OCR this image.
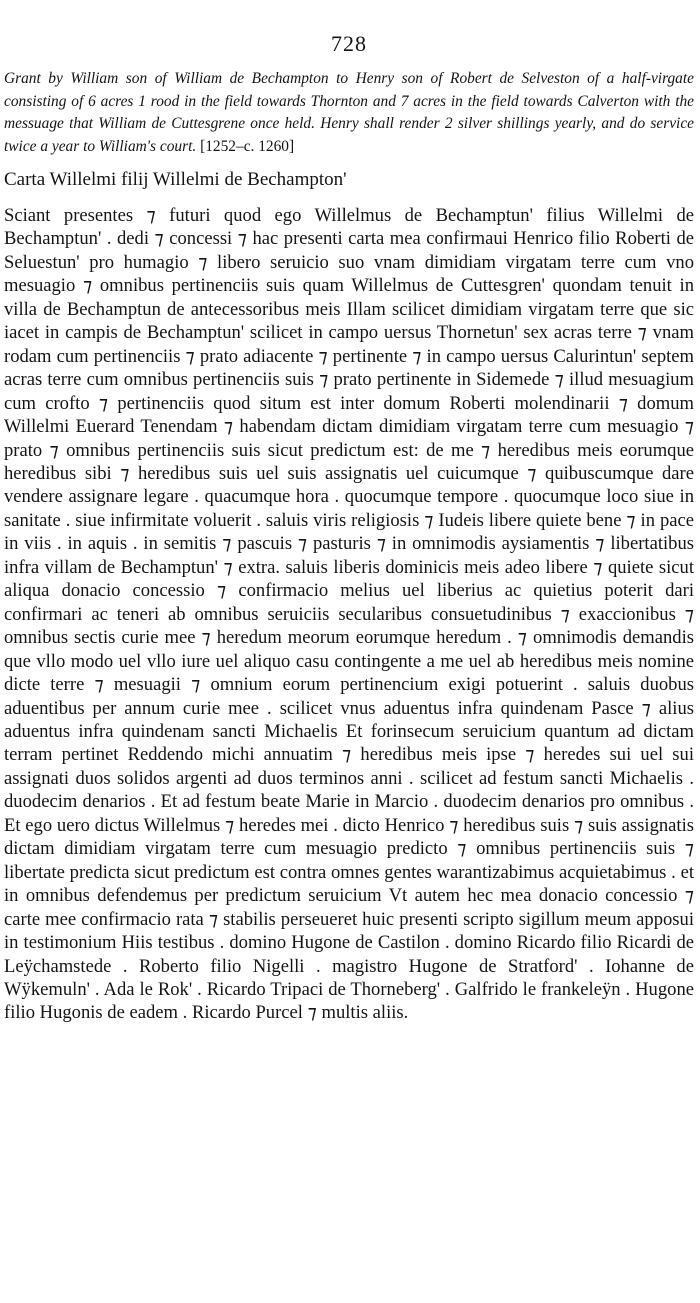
728

Grant by William son of William de Bechampton to Henry son of Robert de Selveston of a half-virgate consisting of 6 acres 1 rood in the field towards Thornton and 7 acres in the field towards Calverton with the messuage that William de Cuttesgrene once held. Henry shall render 2 silver shillings yearly, and do service twice a year to William's court. [1252–c. 1260]

Carta Willelmi filij Willelmi de Bechampton'

Sciant presentes ⁊ futuri quod ego Willelmus de Bechamptun' filius Willelmi de Bechamptun' . dedi ⁊ concessi ⁊ hac presenti carta mea confirmaui Henrico filio Roberti de Seluestun' pro humagio ⁊ libero seruicio suo vnam dimidiam virgatam terre cum vno mesuagio ⁊ omnibus pertinenciis suis quam Willelmus de Cuttesgren' quondam tenuit in villa de Bechamptun de antecessoribus meis Illam scilicet dimidiam virgatam terre que sic iacet in campis de Bechamptun' scilicet in campo uersus Thornetun' sex acras terre ⁊ vnam rodam cum pertinenciis ⁊ prato adiacente ⁊ pertinente ⁊ in campo uersus Calurintun' septem acras terre cum omnibus pertinenciis suis ⁊ prato pertinente in Sidemede ⁊ illud mesuagium cum crofto ⁊ pertinenciis quod situm est inter domum Roberti molendinarii ⁊ domum Willelmi Euerard Tenendam ⁊ habendam dictam dimidiam virgatam terre cum mesuagio ⁊ prato ⁊ omnibus pertinenciis suis sicut predictum est: de me ⁊ heredibus meis eorumque heredibus sibi ⁊ heredibus suis uel suis assignatis uel cuicumque ⁊ quibuscumque dare vendere assignare legare . quacumque hora . quocumque tempore . quocumque loco siue in sanitate . siue infirmitate voluerit . saluis viris religiosis ⁊ Iudeis libere quiete bene ⁊ in pace in viis . in aquis . in semitis ⁊ pascuis ⁊ pasturis ⁊ in omnimodis aysiamentis ⁊ libertatibus infra villam de Bechamptun' ⁊ extra. saluis liberis dominicis meis adeo libere ⁊ quiete sicut aliqua donacio concessio ⁊ confirmacio melius uel liberius ac quietius poterit dari confirmari ac teneri ab omnibus seruiciis secularibus consuetudinibus ⁊ exaccionibus ⁊ omnibus sectis curie mee ⁊ heredum meorum eorumque heredum . ⁊ omnimodis demandis que vllo modo uel vllo iure uel aliquo casu contingente a me uel ab heredibus meis nomine dicte terre ⁊ mesuagii ⁊ omnium eorum pertinencium exigi potuerint . saluis duobus aduentibus per annum curie mee . scilicet vnus aduentus infra quindenam Pasce ⁊ alius aduentus infra quindenam sancti Michaelis Et forinsecum seruicium quantum ad dictam terram pertinet Reddendo michi annuatim ⁊ heredibus meis ipse ⁊ heredes sui uel sui assignati duos solidos argenti ad duos terminos anni . scilicet ad festum sancti Michaelis . duodecim denarios . Et ad festum beate Marie in Marcio . duodecim denarios pro omnibus . Et ego uero dictus Willelmus ⁊ heredes mei . dicto Henrico ⁊ heredibus suis ⁊ suis assignatis dictam dimidiam virgatam terre cum mesuagio predicto ⁊ omnibus pertinenciis suis ⁊ libertate predicta sicut predictum est contra omnes gentes warantizabimus acquietabimus . et in omnibus defendemus per predictum seruicium Vt autem hec mea donacio concessio ⁊ carte mee confirmacio rata ⁊ stabilis perseueret huic presenti scripto sigillum meum apposui in testimonium Hiis testibus . domino Hugone de Castilon . domino Ricardo filio Ricardi de Leÿchamstede . Roberto filio Nigelli . magistro Hugone de Stratford' . Iohanne de Wÿkemuln' . Ada le Rok' . Ricardo Tripaci de Thorneberg' . Galfrido le frankeleÿn . Hugone filio Hugonis de eadem . Ricardo Purcel ⁊ multis aliis.
